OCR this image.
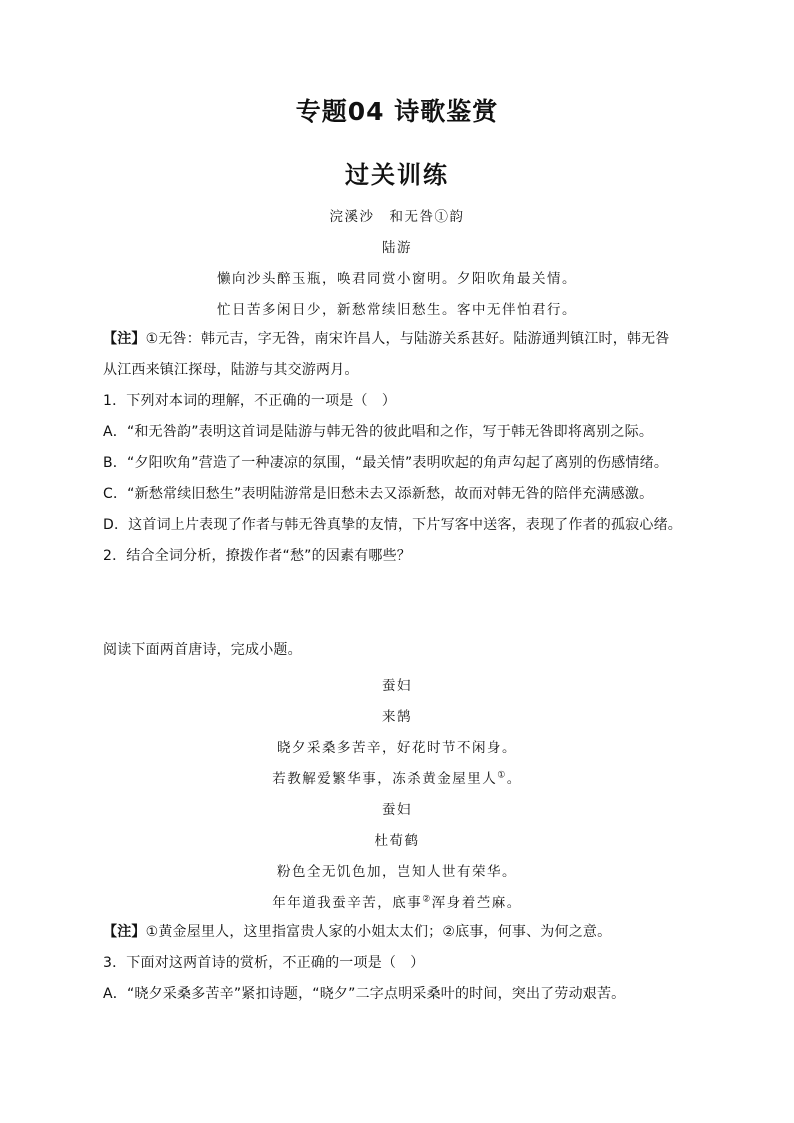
专题04 诗歌鉴赏
过关训练
浣溪沙　和无咎①韵
陆游
懒向沙头醉玉瓶，唤君同赏小窗明。夕阳吹角最关情。
忙日苦多闲日少，新愁常续旧愁生。客中无伴怕君行。
【注】①无咎：韩元吉，字无咎，南宋许昌人，与陆游关系甚好。陆游通判镇江时，韩无咎
从江西来镇江探母，陆游与其交游两月。
1．下列对本词的理解，不正确的一项是（　）
A．“和无咎韵”表明这首词是陆游与韩无咎的彼此唱和之作，写于韩无咎即将离别之际。
B．“夕阳吹角”营造了一种凄凉的氛围，“最关情”表明吹起的角声勾起了离别的伤感情绪。
C．“新愁常续旧愁生”表明陆游常是旧愁未去又添新愁，故而对韩无咎的陪伴充满感激。
D．这首词上片表现了作者与韩无咎真挚的友情，下片写客中送客，表现了作者的孤寂心绪。
2．结合全词分析，撩拨作者“愁”的因素有哪些？
阅读下面两首唐诗，完成小题。
蚕妇
来鹄
晓夕采桑多苦辛，好花时节不闲身。
若教解爱繁华事，冻杀黄金屋里人①。
蚕妇
杜荀鹤
粉色全无饥色加，岂知人世有荣华。
年年道我蚕辛苦，底事②浑身着苎麻。
【注】①黄金屋里人，这里指富贵人家的小姐太太们；②底事，何事、为何之意。
3．下面对这两首诗的赏析，不正确的一项是（　）
A．“晓夕采桑多苦辛”紧扣诗题，“晓夕”二字点明采桑叶的时间，突出了劳动艰苦。
